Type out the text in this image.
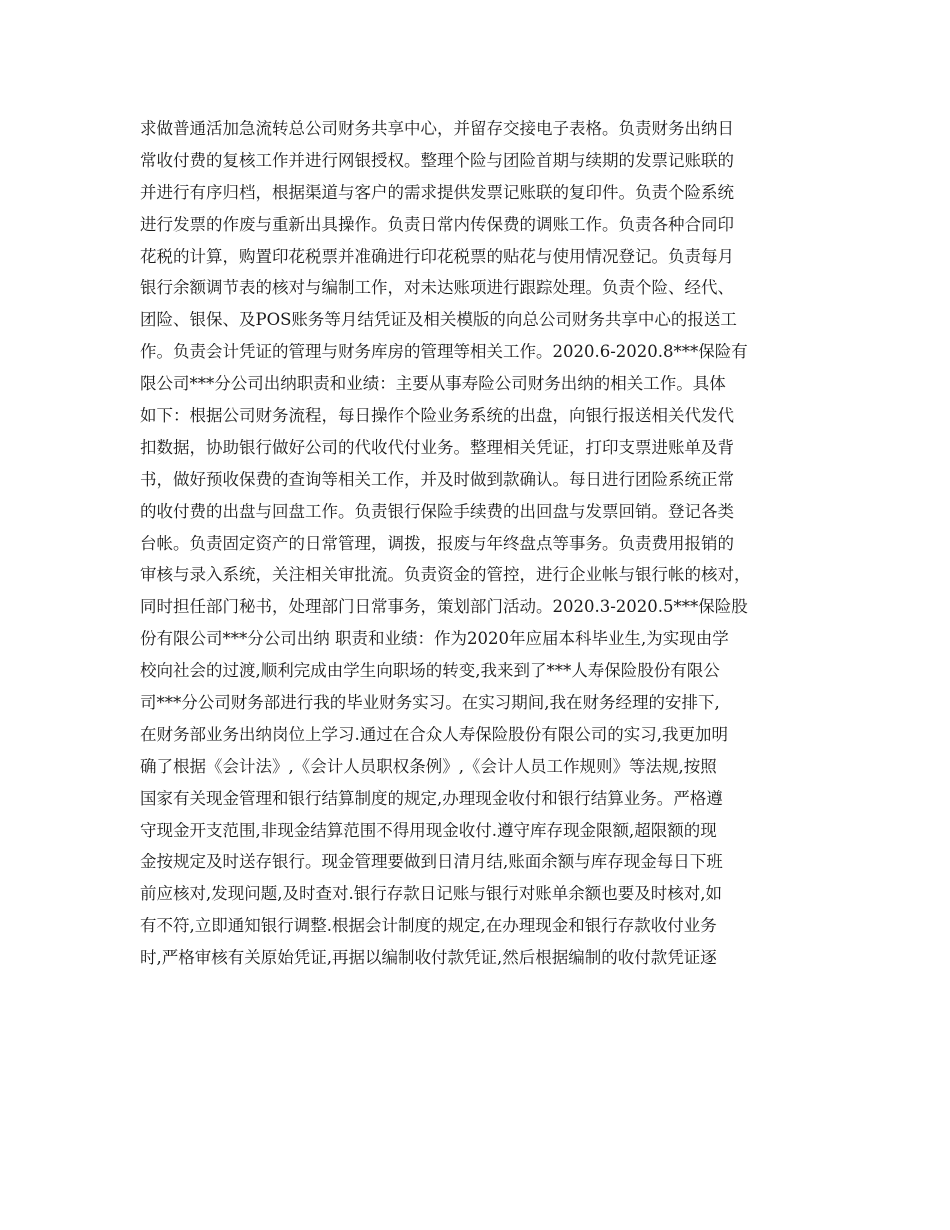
求做普通活加急流转总公司财务共享中心，并留存交接电子表格。负责财务出纳日
常收付费的复核工作并进行网银授权。整理个险与团险首期与续期的发票记账联的
并进行有序归档，根据渠道与客户的需求提供发票记账联的复印件。负责个险系统
进行发票的作废与重新出具操作。负责日常内传保费的调账工作。负责各种合同印
花税的计算，购置印花税票并准确进行印花税票的贴花与使用情况登记。负责每月
银行余额调节表的核对与编制工作，对未达账项进行跟踪处理。负责个险、经代、
团险、银保、及POS账务等月结凭证及相关模版的向总公司财务共享中心的报送工
作。负责会计凭证的管理与财务库房的管理等相关工作。2020.6-2020.8***保险有
限公司***分公司出纳职责和业绩：主要从事寿险公司财务出纳的相关工作。具体
如下：根据公司财务流程，每日操作个险业务系统的出盘，向银行报送相关代发代
扣数据，协助银行做好公司的代收代付业务。整理相关凭证，打印支票进账单及背
书，做好预收保费的查询等相关工作，并及时做到款确认。每日进行团险系统正常
的收付费的出盘与回盘工作。负责银行保险手续费的出回盘与发票回销。登记各类
台帐。负责固定资产的日常管理，调拨，报废与年终盘点等事务。负责费用报销的
审核与录入系统，关注相关审批流。负责资金的管控，进行企业帐与银行帐的核对，
同时担任部门秘书，处理部门日常事务，策划部门活动。2020.3-2020.5***保险股
份有限公司***分公司出纳 职责和业绩：作为2020年应届本科毕业生,为实现由学
校向社会的过渡,顺利完成由学生向职场的转变,我来到了***人寿保险股份有限公
司***分公司财务部进行我的毕业财务实习。在实习期间,我在财务经理的安排下,
在财务部业务出纳岗位上学习.通过在合众人寿保险股份有限公司的实习,我更加明
确了根据《会计法》,《会计人员职权条例》,《会计人员工作规则》等法规,按照
国家有关现金管理和银行结算制度的规定,办理现金收付和银行结算业务。严格遵
守现金开支范围,非现金结算范围不得用现金收付.遵守库存现金限额,超限额的现
金按规定及时送存银行。现金管理要做到日清月结,账面余额与库存现金每日下班
前应核对,发现问题,及时查对.银行存款日记账与银行对账单余额也要及时核对,如
有不符,立即通知银行调整.根据会计制度的规定,在办理现金和银行存款收付业务
时,严格审核有关原始凭证,再据以编制收付款凭证,然后根据编制的收付款凭证逐
